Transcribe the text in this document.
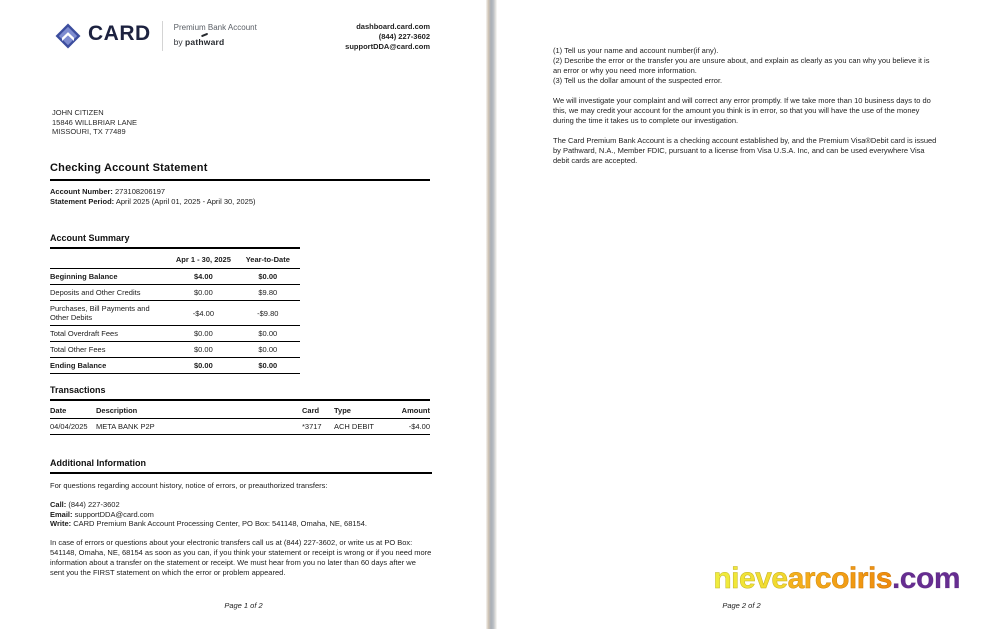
CARD	Premium Bank Account
by pathward
dashboard.card.com
(844) 227-3602
supportDDA@card.com
JOHN CITIZEN
15846 WILLBRIAR LANE
MISSOURI, TX 77489
Checking Account Statement
Account Number: 273108206197
Statement Period: April 2025 (April 01, 2025 - April 30, 2025)
Account Summary
	Apr 1 - 30, 2025	Year-to-Date
Beginning Balance	$4.00	$0.00
Deposits and Other Credits	$0.00	$9.80
Purchases, Bill Payments and Other Debits	-$4.00	-$9.80
Total Overdraft Fees	$0.00	$0.00
Total Other Fees	$0.00	$0.00
Ending Balance	$0.00	$0.00
Transactions
Date	Description	Card	Type	Amount
04/04/2025	META BANK P2P	*3717	ACH DEBIT	-$4.00
Additional Information

For questions regarding account history, notice of errors, or preauthorized transfers:

Call: (844) 227-3602
Email: supportDDA@card.com
Write: CARD Premium Bank Account Processing Center, PO Box: 541148, Omaha, NE, 68154.

In case of errors or questions about your electronic transfers call us at (844) 227-3602, or write us at PO Box: 541148, Omaha, NE, 68154 as soon as you can, if you think your statement or receipt is wrong or if you need more information about a transfer on the statement or receipt. We must hear from you no later than 60 days after we sent you the FIRST statement on which the error or problem appeared.

Page 1 of 2
(1) Tell us your name and account number(if any).
(2) Describe the error or the transfer you are unsure about, and explain as clearly as you can why you believe it is an error or why you need more information.
(3) Tell us the dollar amount of the suspected error.

We will investigate your complaint and will correct any error promptly. If we take more than 10 business days to do this, we may credit your account for the amount you think is in error, so that you will have the use of the money during the time it takes us to complete our investigation.

The Card Premium Bank Account is a checking account established by, and the Premium Visa®Debit card is issued by Pathward, N.A., Member FDIC, pursuant to a license from Visa U.S.A. Inc, and can be used everywhere Visa debit cards are accepted.

nievearcoiris.com
Page 2 of 2
